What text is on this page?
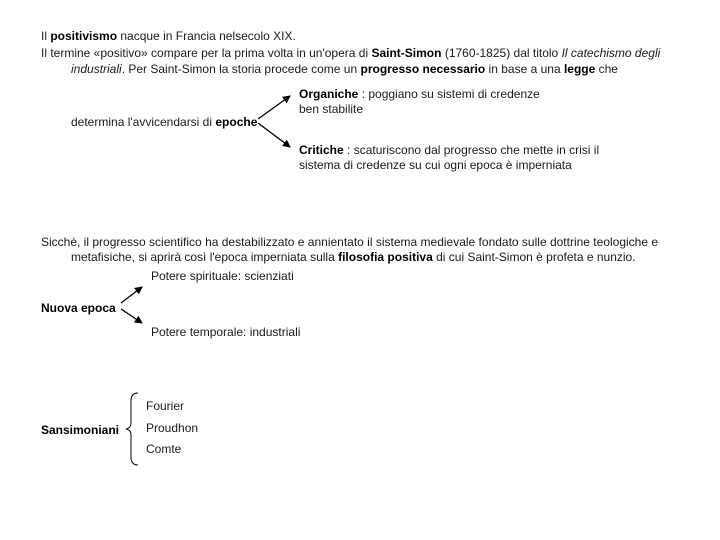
Il positivismo nacque in Francia nelsecolo XIX.
Il termine «positivo» compare per la prima volta in un'opera di Saint-Simon (1760-1825) dal titolo Il catechismo degli
industriali. Per Saint-Simon la storia procede come un progresso necessario in base a una legge che
determina l'avvicendarsi di epoche
Organiche : poggiano su sistemi di credenze
ben stabilite
Critiche : scaturiscono dal progresso che mette in crisi il
sistema di credenze su cui ogni epoca è imperniata
Sicché, il progresso scientifico ha destabilizzato e annientato il sistema medievale fondato sulle dottrine teologiche e
metafisiche, si aprirà così l'epoca imperniata sulla filosofia positiva di cui Saint-Simon è profeta e nunzio.
Potere spirituale: scienziati
Nuova epoca
Potere temporale: industriali
Sansimoniani
Fourier
Proudhon
Comte
